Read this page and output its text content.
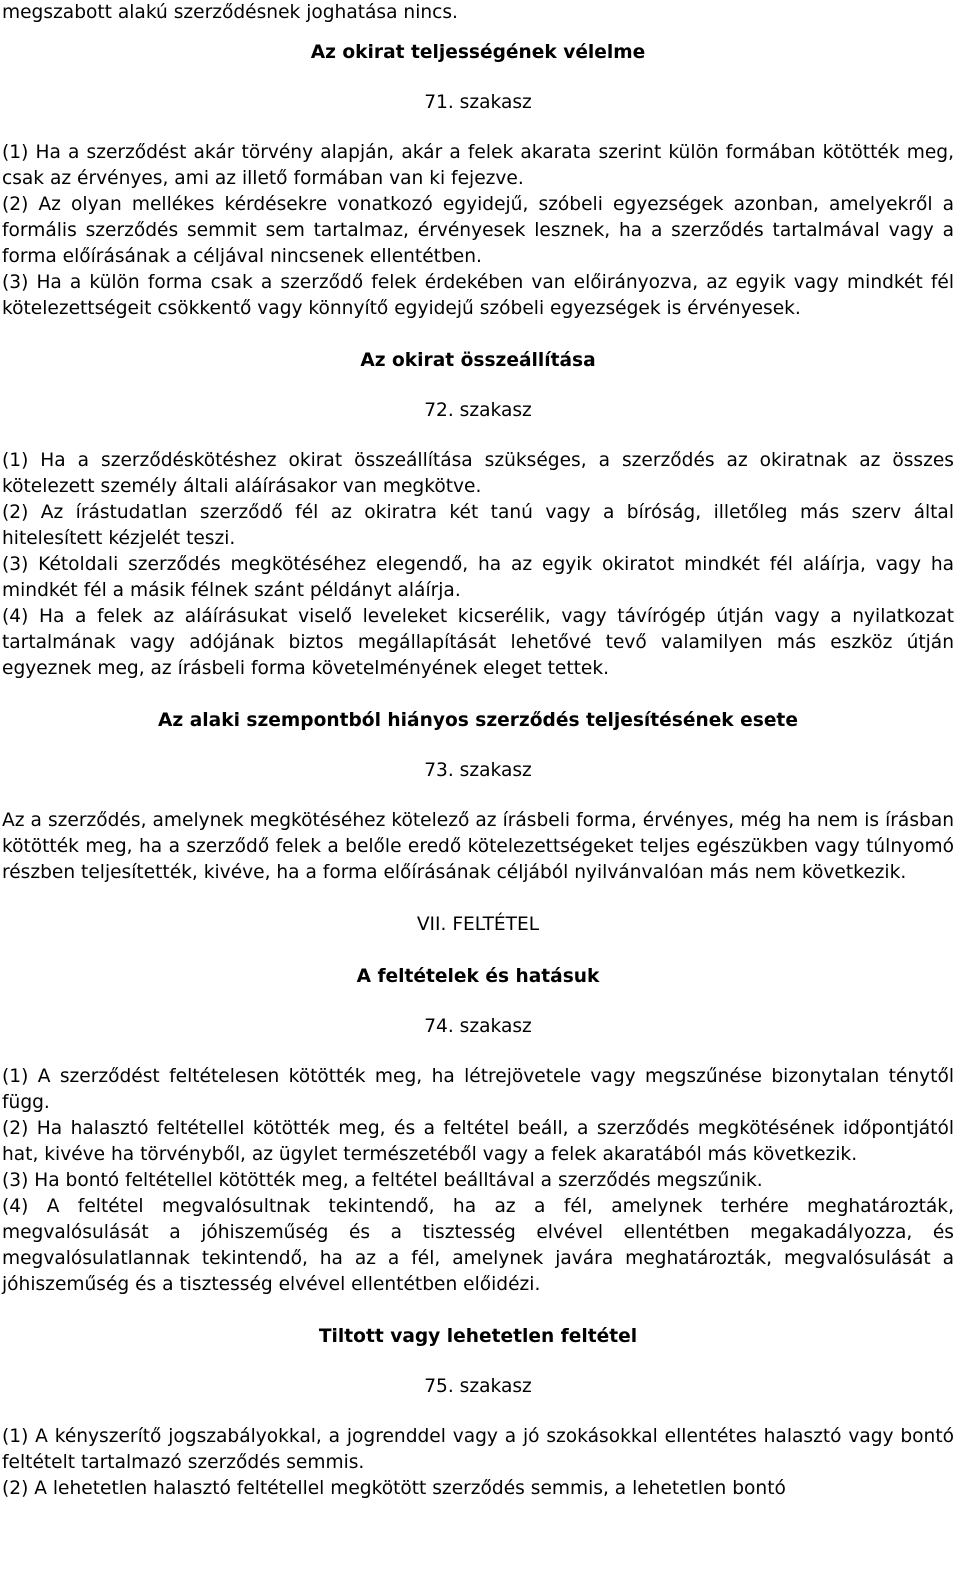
megszabott alakú szerződésnek joghatása nincs.

Az okirat teljességének vélelme

71. szakasz

(1) Ha a szerződést akár törvény alapján, akár a felek akarata szerint külön formában kötötték meg, csak az érvényes, ami az illető formában van ki fejezve.

(2) Az olyan mellékes kérdésekre vonatkozó egyidejű, szóbeli egyezségek azonban, amelyekről a formális szerződés semmit sem tartalmaz, érvényesek lesznek, ha a szerződés tartalmával vagy a forma előírásának a céljával nincsenek ellentétben.

(3) Ha a külön forma csak a szerződő felek érdekében van előirányozva, az egyik vagy mindkét fél kötelezettségeit csökkentő vagy könnyítő egyidejű szóbeli egyezségek is érvényesek.

Az okirat összeállítása

72. szakasz

(1) Ha a szerződéskötéshez okirat összeállítása szükséges, a szerződés az okiratnak az összes kötelezett személy általi aláírásakor van megkötve.

(2) Az írástudatlan szerződő fél az okiratra két tanú vagy a bíróság, illetőleg más szerv által hitelesített kézjelét teszi.

(3) Kétoldali szerződés megkötéséhez elegendő, ha az egyik okiratot mindkét fél aláírja, vagy ha mindkét fél a másik félnek szánt példányt aláírja.

(4) Ha a felek az aláírásukat viselő leveleket kicserélik, vagy távírógép útján vagy a nyilatkozat tartalmának vagy adójának biztos megállapítását lehetővé tevő valamilyen más eszköz útján egyeznek meg, az írásbeli forma követelményének eleget tettek.

Az alaki szempontból hiányos szerződés teljesítésének esete

73. szakasz

Az a szerződés, amelynek megkötéséhez kötelező az írásbeli forma, érvényes, még ha nem is írásban kötötték meg, ha a szerződő felek a belőle eredő kötelezettségeket teljes egészükben vagy túlnyomó részben teljesítették, kivéve, ha a forma előírásának céljából nyilvánvalóan más nem következik.

VII. FELTÉTEL

A feltételek és hatásuk

74. szakasz

(1) A szerződést feltételesen kötötték meg, ha létrejövetele vagy megszűnése bizonytalan ténytől függ.

(2) Ha halasztó feltétellel kötötték meg, és a feltétel beáll, a szerződés megkötésének időpontjától hat, kivéve ha törvényből, az ügylet természetéből vagy a felek akaratából más következik.

(3) Ha bontó feltétellel kötötték meg, a feltétel beálltával a szerződés megszűnik.

(4) A feltétel megvalósultnak tekintendő, ha az a fél, amelynek terhére meghatározták, megvalósulását a jóhiszeműség és a tisztesség elvével ellentétben megakadályozza, és megvalósulatlannak tekintendő, ha az a fél, amelynek javára meghatározták, megvalósulását a jóhiszeműség és a tisztesség elvével ellentétben előidézi.

Tiltott vagy lehetetlen feltétel

75. szakasz

(1) A kényszerítő jogszabályokkal, a jogrenddel vagy a jó szokásokkal ellentétes halasztó vagy bontó feltételt tartalmazó szerződés semmis.

(2) A lehetetlen halasztó feltétellel megkötött szerződés semmis, a lehetetlen bontó
